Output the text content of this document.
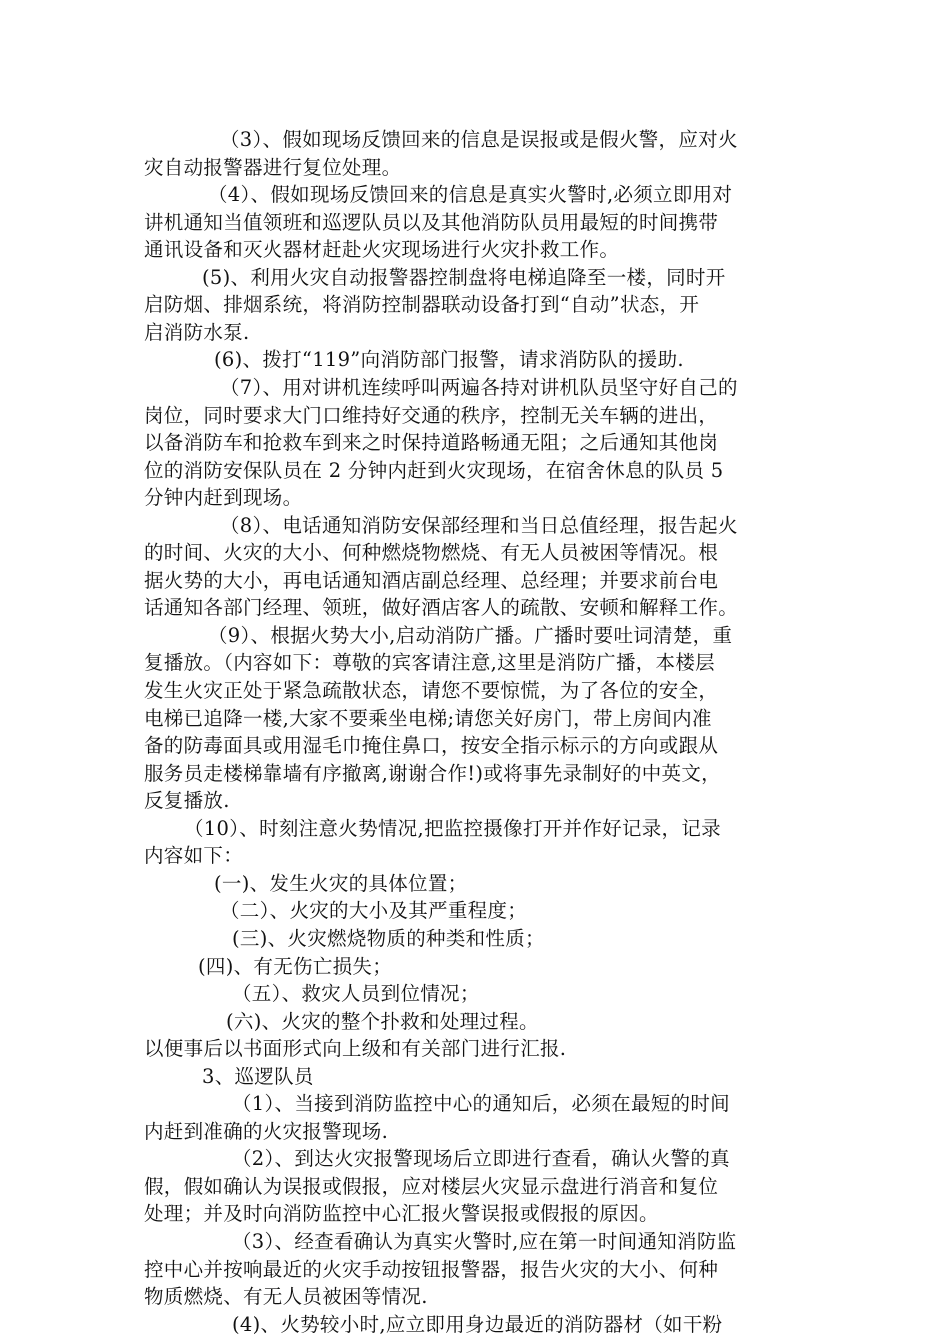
（3）、假如现场反馈回来的信息是误报或是假火警，应对火
灾自动报警器进行复位处理。
（4）、假如现场反馈回来的信息是真实火警时,必须立即用对
讲机通知当值领班和巡逻队员以及其他消防队员用最短的时间携带
通讯设备和灭火器材赶赴火灾现场进行火灾扑救工作。
(5)、利用火灾自动报警器控制盘将电梯追降至一楼，同时开
启防烟、排烟系统，将消防控制器联动设备打到“自动”状态，开
启消防水泵.
(6)、拨打“119”向消防部门报警，请求消防队的援助.
（7）、用对讲机连续呼叫两遍各持对讲机队员坚守好自己的
岗位，同时要求大门口维持好交通的秩序，控制无关车辆的进出，
以备消防车和抢救车到来之时保持道路畅通无阻；之后通知其他岗
位的消防安保队员在 2 分钟内赶到火灾现场，在宿舍休息的队员 5
分钟内赶到现场。
（8）、电话通知消防安保部经理和当日总值经理，报告起火
的时间、火灾的大小、何种燃烧物燃烧、有无人员被困等情况。根
据火势的大小，再电话通知酒店副总经理、总经理；并要求前台电
话通知各部门经理、领班，做好酒店客人的疏散、安顿和解释工作。
（9）、根据火势大小,启动消防广播。广播时要吐词清楚，重
复播放。（内容如下：尊敬的宾客请注意,这里是消防广播，本楼层
发生火灾正处于紧急疏散状态，请您不要惊慌，为了各位的安全，
电梯已追降一楼,大家不要乘坐电梯;请您关好房门，带上房间内准
备的防毒面具或用湿毛巾掩住鼻口，按安全指示标示的方向或跟从
服务员走楼梯靠墙有序撤离,谢谢合作!)或将事先录制好的中英文，
反复播放.
（10）、时刻注意火势情况,把监控摄像打开并作好记录，记录
内容如下：
(一)、发生火灾的具体位置；
（二）、火灾的大小及其严重程度；
(三)、火灾燃烧物质的种类和性质；
(四)、有无伤亡损失；
（五）、救灾人员到位情况；
(六)、火灾的整个扑救和处理过程。
以便事后以书面形式向上级和有关部门进行汇报.
3、巡逻队员
（1）、当接到消防监控中心的通知后，必须在最短的时间
内赶到准确的火灾报警现场.
（2）、到达火灾报警现场后立即进行查看，确认火警的真
假，假如确认为误报或假报，应对楼层火灾显示盘进行消音和复位
处理；并及时向消防监控中心汇报火警误报或假报的原因。
（3）、经查看确认为真实火警时,应在第一时间通知消防监
控中心并按响最近的火灾手动按钮报警器，报告火灾的大小、何种
物质燃烧、有无人员被困等情况.
(4)、火势较小时,应立即用身边最近的消防器材（如干粉
